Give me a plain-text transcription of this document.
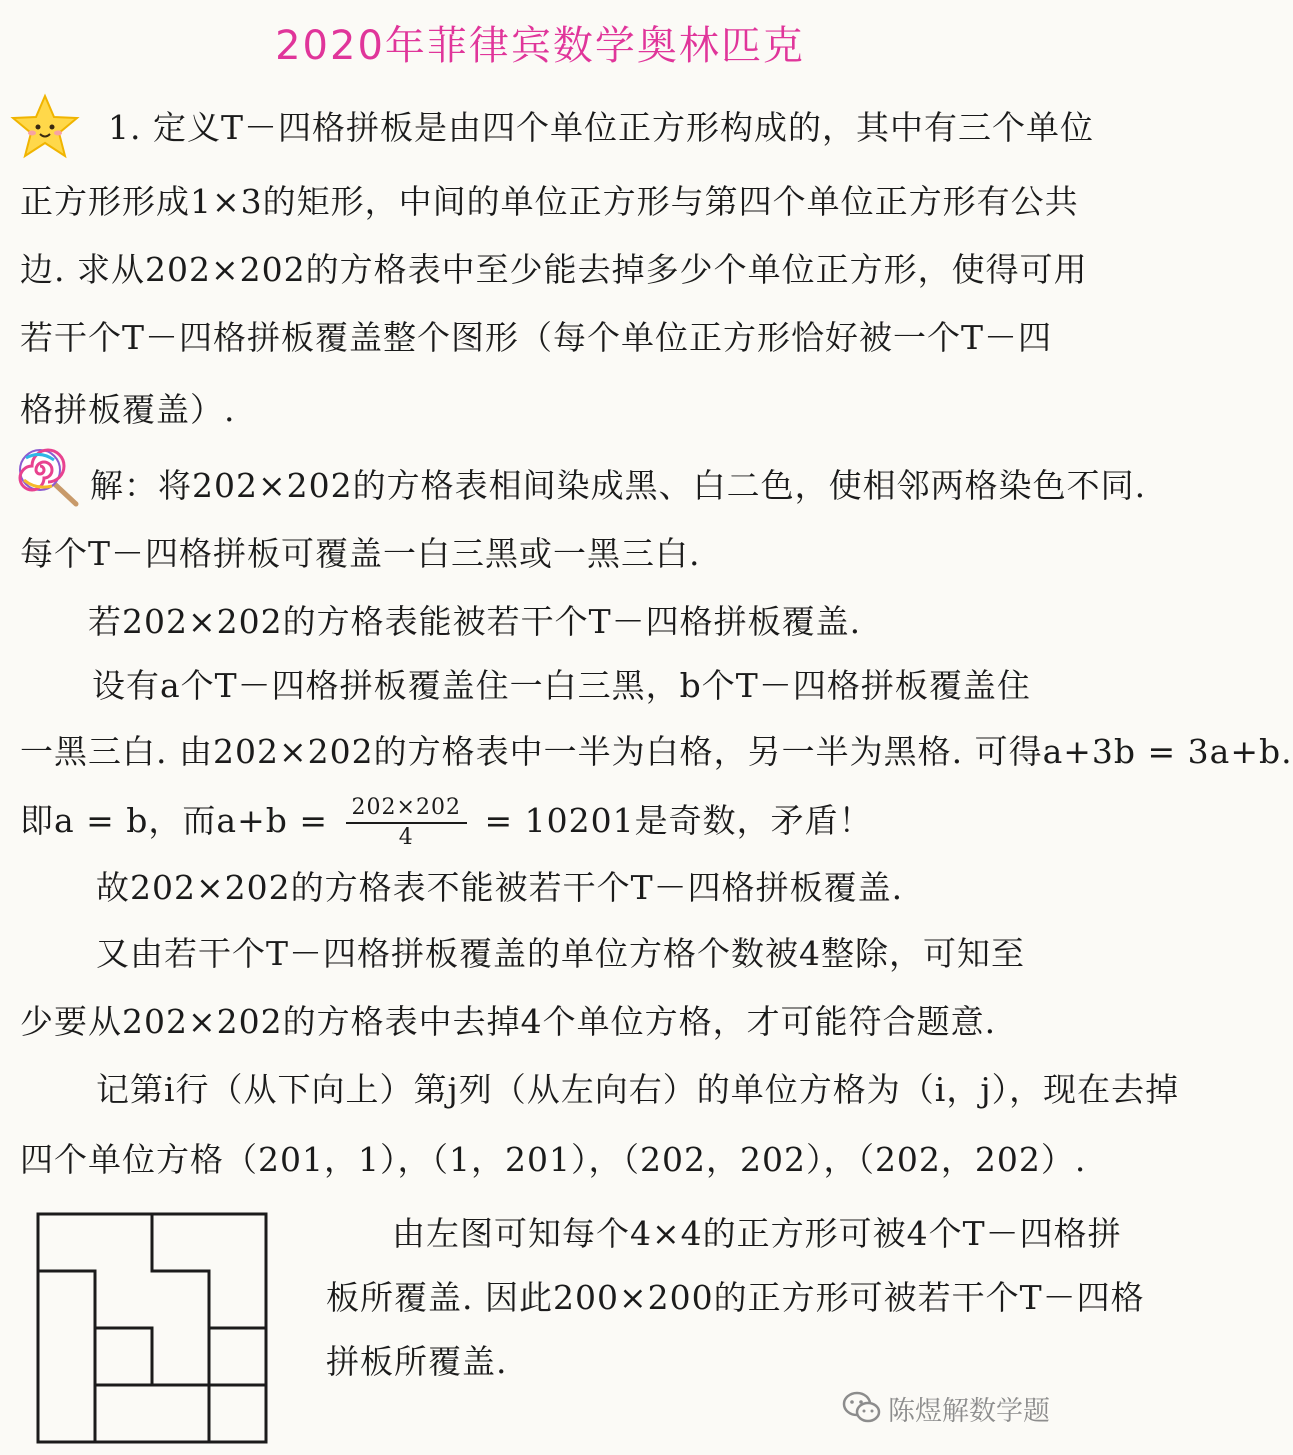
2020年菲律宾数学奥林匹克
1. 定义T－四格拼板是由四个单位正方形构成的，其中有三个单位
正方形形成1×3的矩形，中间的单位正方形与第四个单位正方形有公共
边. 求从202×202的方格表中至少能去掉多少个单位正方形，使得可用
若干个T－四格拼板覆盖整个图形（每个单位正方形恰好被一个T－四
格拼板覆盖）.
解：将202×202的方格表相间染成黑、白二色，使相邻两格染色不同.
每个T－四格拼板可覆盖一白三黑或一黑三白.
若202×202的方格表能被若干个T－四格拼板覆盖.
设有a个T－四格拼板覆盖住一白三黑，b个T－四格拼板覆盖住
一黑三白. 由202×202的方格表中一半为白格，另一半为黑格. 可得a+3b = 3a+b.
即a = b，而$a+b = \frac{202\times 202}{4} = 10201$是奇数，矛盾！
故202×202的方格表不能被若干个T－四格拼板覆盖.
又由若干个T－四格拼板覆盖的单位方格个数被4整除，可知至
少要从202×202的方格表中去掉4个单位方格，才可能符合题意.
记第i行（从下向上）第j列（从左向右）的单位方格为（i，j），现在去掉
四个单位方格（201，1），（1，201），（202，202），（202，202）.
由左图可知每个4×4的正方形可被4个T－四格拼
板所覆盖. 因此200×200的正方形可被若干个T－四格
拼板所覆盖.
陈煜解数学题
